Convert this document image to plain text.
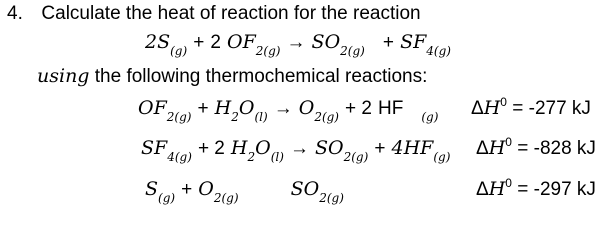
4. Calculate the heat of reaction for the reaction
$2S_{(g)} + 2$ $OF_{2(g)} \to SO_{2(g)} + SF_{4(g)}$
using the following thermochemical reactions:
$OF_{2(g)} + H_2O_{(l)} \to O_{2(g)} + 2$ HF $_{(g)}$ $\Delta H^0 = -277$ kJ
$SF_{4(g)} + 2$ $H_2O_{(l)} \to SO_{2(g)} + 4HF_{(g)}$ $\Delta H^0 = -828$ kJ
$S_{(g)} + O_{2(g)}$  $SO_{2(g)}$	$\Delta H^0 = -297$ kJ
